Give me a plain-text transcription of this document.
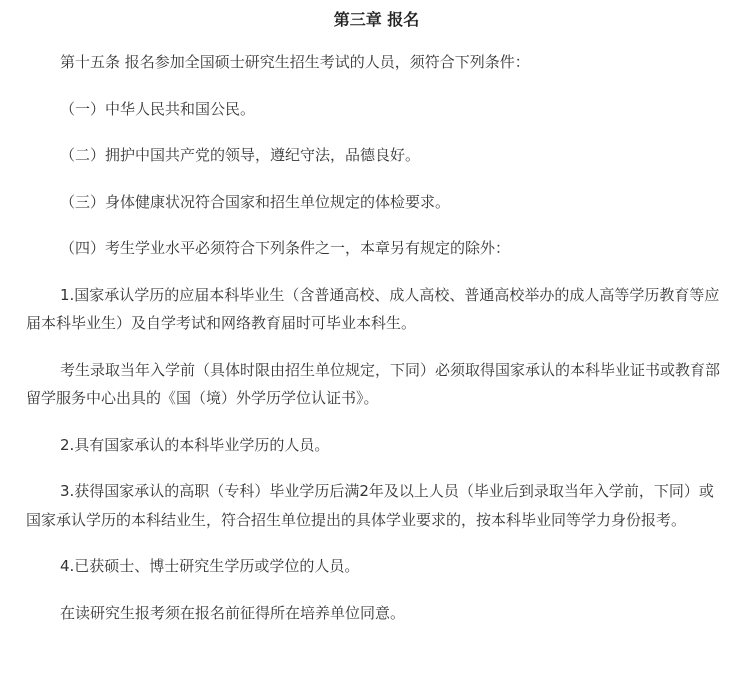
第三章 报名

第十五条 报名参加全国硕士研究生招生考试的人员，须符合下列条件：

（一）中华人民共和国公民。

（二）拥护中国共产党的领导，遵纪守法，品德良好。

（三）身体健康状况符合国家和招生单位规定的体检要求。

（四）考生学业水平必须符合下列条件之一，本章另有规定的除外：

1.国家承认学历的应届本科毕业生（含普通高校、成人高校、普通高校举办的成人高等学历教育等应届本科毕业生）及自学考试和网络教育届时可毕业本科生。

考生录取当年入学前（具体时限由招生单位规定，下同）必须取得国家承认的本科毕业证书或教育部留学服务中心出具的《国（境）外学历学位认证书》。

2.具有国家承认的本科毕业学历的人员。

3.获得国家承认的高职（专科）毕业学历后满2年及以上人员（毕业后到录取当年入学前，下同）或国家承认学历的本科结业生，符合招生单位提出的具体学业要求的，按本科毕业同等学力身份报考。

4.已获硕士、博士研究生学历或学位的人员。

在读研究生报考须在报名前征得所在培养单位同意。
